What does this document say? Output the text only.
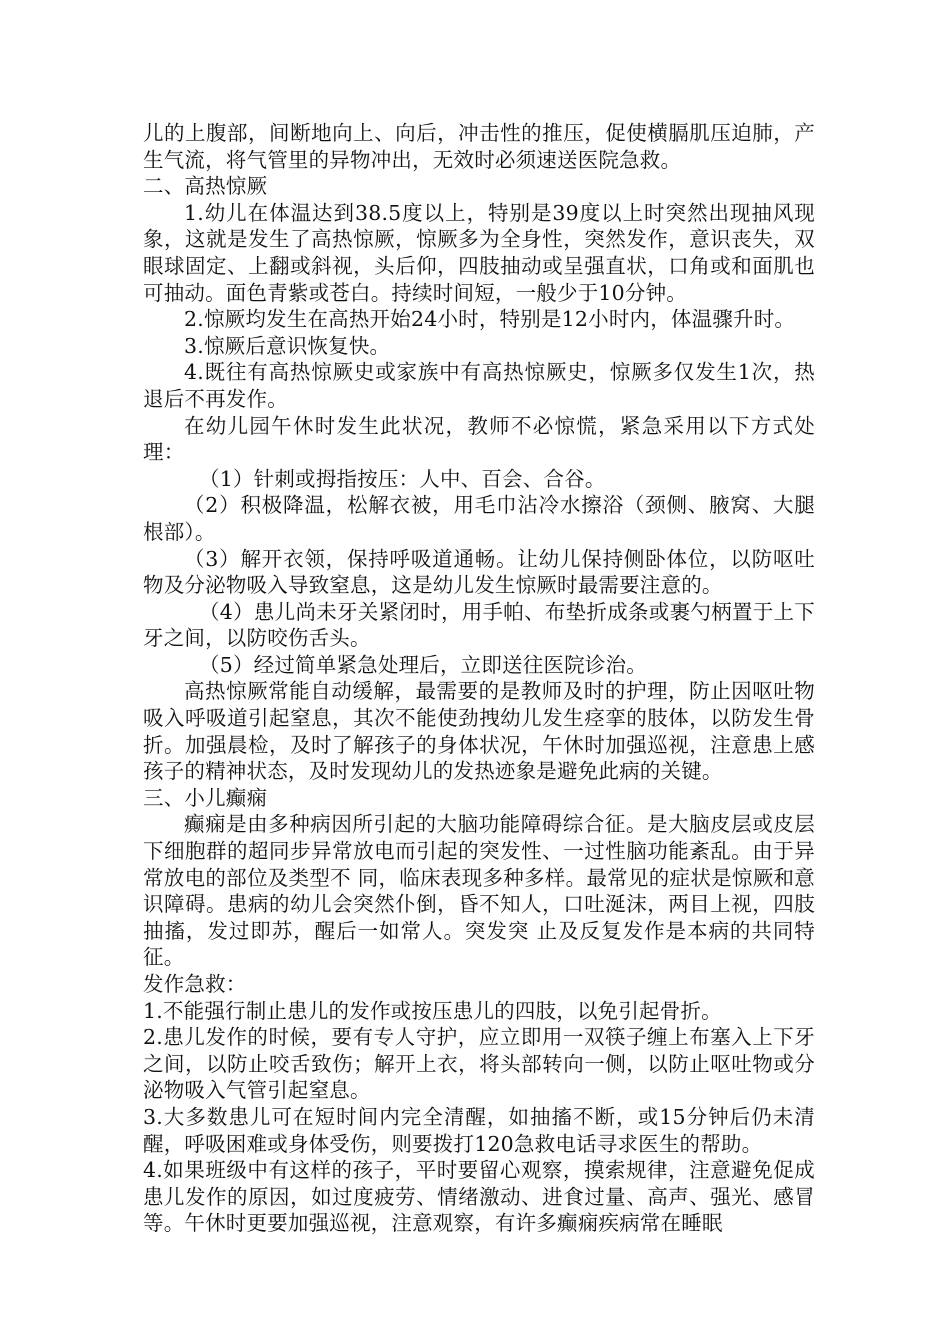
儿的上腹部，间断地向上、向后，冲击性的推压，促使横膈肌压迫肺，产生气流，将气管里的异物冲出，无效时必须速送医院急救。

二、高热惊厥

1.幼儿在体温达到38.5度以上，特别是39度以上时突然出现抽风现象，这就是发生了高热惊厥，惊厥多为全身性，突然发作，意识丧失，双眼球固定、上翻或斜视，头后仰，四肢抽动或呈强直状，口角或和面肌也可抽动。面色青紫或苍白。持续时间短，一般少于10分钟。

2.惊厥均发生在高热开始24小时，特别是12小时内，体温骤升时。

3.惊厥后意识恢复快。

4.既往有高热惊厥史或家族中有高热惊厥史，惊厥多仅发生1次，热退后不再发作。

在幼儿园午休时发生此状况，教师不必惊慌，紧急采用以下方式处理：

（1）针刺或拇指按压：人中、百会、合谷。

（2）积极降温，松解衣被，用毛巾沾冷水擦浴（颈侧、腋窝、大腿根部）。

（3）解开衣领，保持呼吸道通畅。让幼儿保持侧卧体位，以防呕吐物及分泌物吸入导致窒息，这是幼儿发生惊厥时最需要注意的。

（4）患儿尚未牙关紧闭时，用手帕、布垫折成条或裹勺柄置于上下牙之间，以防咬伤舌头。

（5）经过简单紧急处理后，立即送往医院诊治。

高热惊厥常能自动缓解，最需要的是教师及时的护理，防止因呕吐物吸入呼吸道引起窒息，其次不能使劲拽幼儿发生痉挛的肢体，以防发生骨折。加强晨检，及时了解孩子的身体状况，午休时加强巡视，注意患上感孩子的精神状态，及时发现幼儿的发热迹象是避免此病的关键。

三、小儿癫痫

癫痫是由多种病因所引起的大脑功能障碍综合征。是大脑皮层或皮层下细胞群的超同步异常放电而引起的突发性、一过性脑功能紊乱。由于异常放电的部位及类型不 同，临床表现多种多样。最常见的症状是惊厥和意识障碍。患病的幼儿会突然仆倒，昏不知人，口吐涎沫，两目上视，四肢抽搐，发过即苏，醒后一如常人。突发突 止及反复发作是本病的共同特征。

发作急救：

1.不能强行制止患儿的发作或按压患儿的四肢，以免引起骨折。

2.患儿发作的时候，要有专人守护，应立即用一双筷子缠上布塞入上下牙之间，以防止咬舌致伤；解开上衣，将头部转向一侧，以防止呕吐物或分泌物吸入气管引起窒息。

3.大多数患儿可在短时间内完全清醒，如抽搐不断，或15分钟后仍未清醒，呼吸困难或身体受伤，则要拨打120急救电话寻求医生的帮助。

4.如果班级中有这样的孩子，平时要留心观察，摸索规律，注意避免促成患儿发作的原因，如过度疲劳、情绪激动、进食过量、高声、强光、感冒等。午休时更要加强巡视，注意观察，有许多癫痫疾病常在睡眠
